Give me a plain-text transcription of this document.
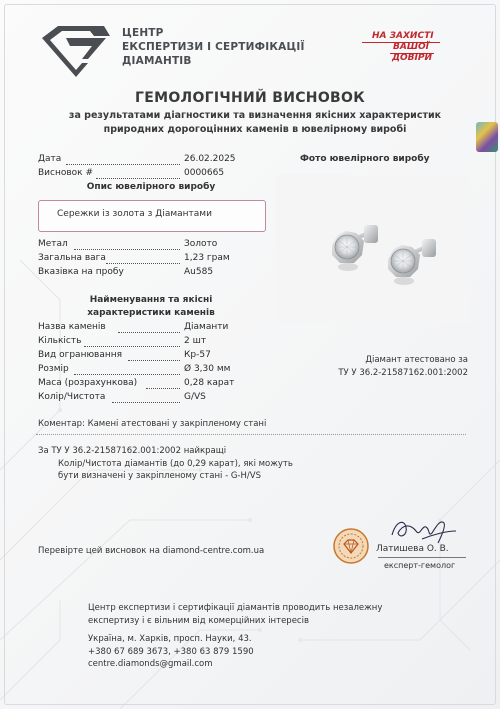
ЦЕНТР
ЕКСПЕРТИЗИ І СЕРТИФІКАЦІЇ
ДІАМАНТІВ
НА ЗАХИСТІ
ВАШОЇ
ДОВІРИ
ГЕМОЛОГІЧНИЙ ВИСНОВОК
за результатами діагностики та визначення якісних характеристик
природних дорогоцінних каменів в ювелірному виробі
Дата	26.02.2025
Висновок #	0000665
Опис ювелірного виробу
Сережки із золота з Діамантами
Метал	Золото
Загальна вага	1,23 грам
Вказівка на пробу	Au585
Найменування та якісні
характеристики каменів
Назва каменів	Діаманти
Кількість	2 шт
Вид огранювання	Кр-57
Розмір	Ø 3,30 мм
Маса (розрахункова)	0,28 карат
Колір/Чистота	G/VS
Фото ювелірного виробу
Діамант атестовано за
ТУ У 36.2-21587162.001:2002
Коментар: Камені атестовані у закріпленому стані
За ТУ У 36.2-21587162.001:2002 найкращі
Колір/Чистота діамантів (до 0,29 карат), які можуть
бути визначені у закріпленому стані - G-H/VS
Перевірте цей висновок на diamond-centre.com.ua	Латишева О. В.
експерт-гемолог
Центр експертизи і сертифікації діамантів проводить незалежну
експертизу і є вільним від комерційних інтересів
Україна, м. Харків, просп. Науки, 43.
+380 67 689 3673, +380 63 879 1590
centre.diamonds@gmail.com
